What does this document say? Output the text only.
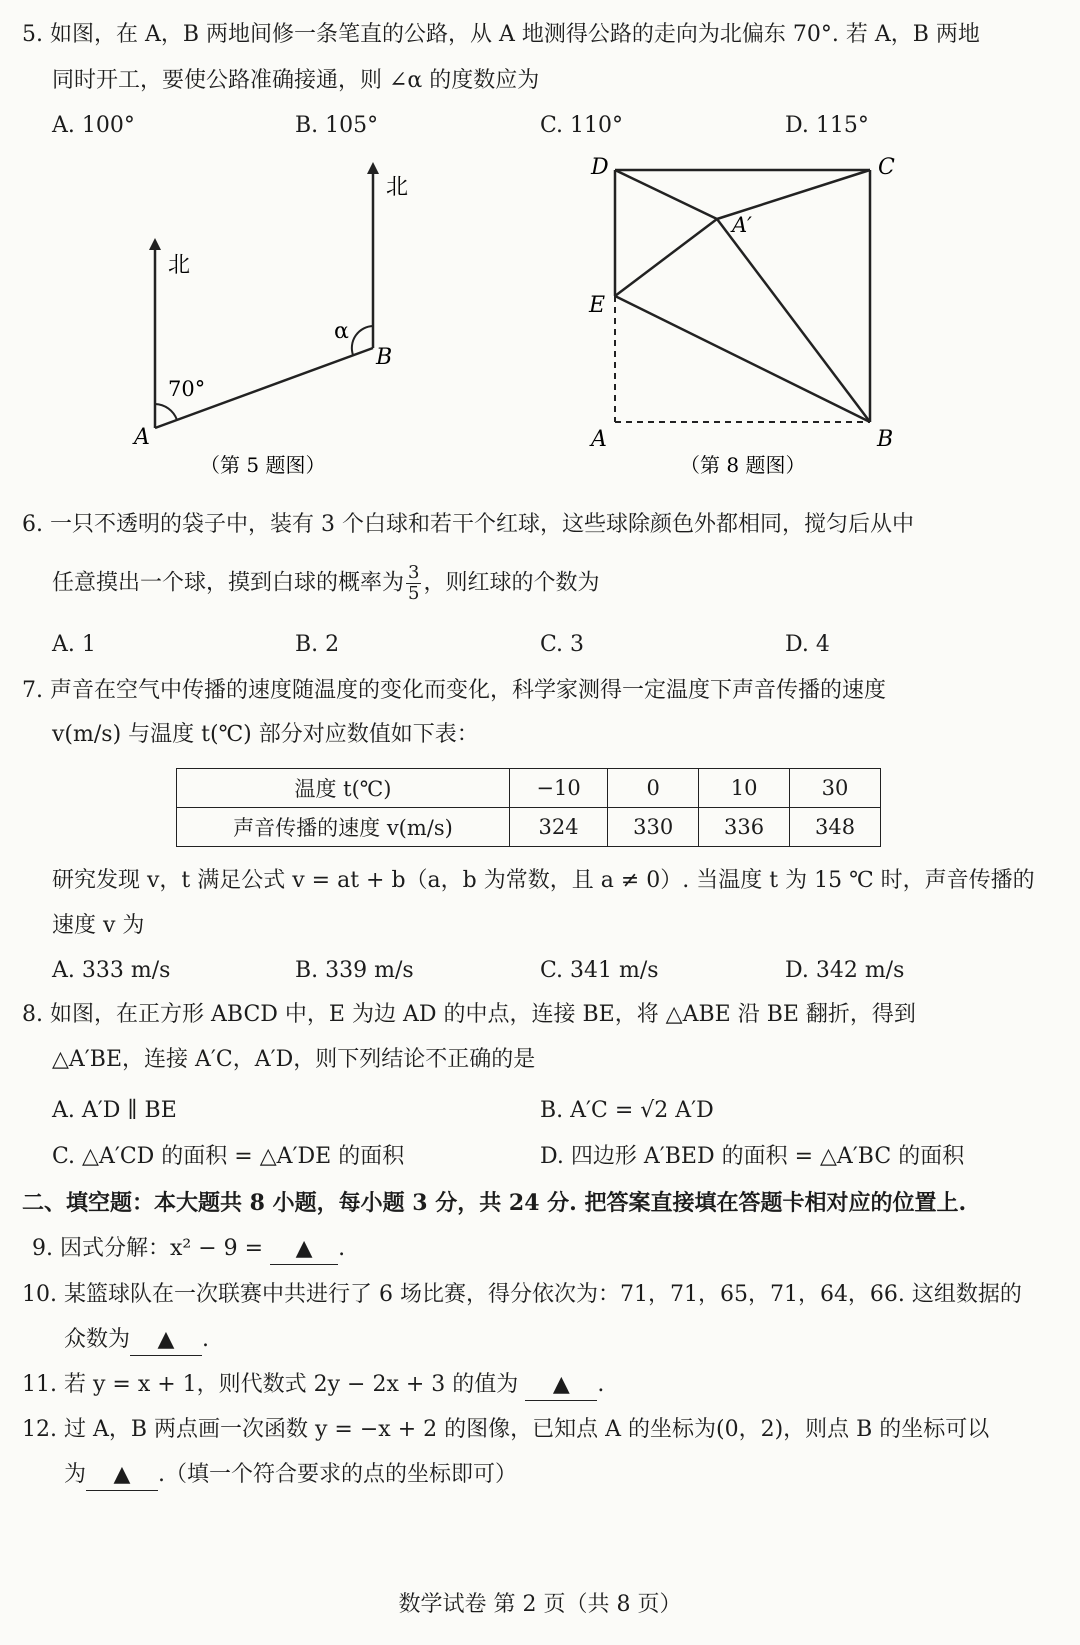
5. 如图，在 A，B 两地间修一条笔直的公路，从 A 地测得公路的走向为北偏东 70°. 若 A，B 两地
同时开工，要使公路准确接通，则 ∠α 的度数应为
A. 100°	B. 105°	C. 110°	D. 115°
北
北
70°
α
A
B
（第 5 题图）
D	C
A′
E
A	B
（第 8 题图）
6. 一只不透明的袋子中，装有 3 个白球和若干个红球，这些球除颜色外都相同，搅匀后从中
任意摸出一个球，摸到白球的概率为 $\frac{3}{5}$ ，则红球的个数为
A. 1	B. 2	C. 3	D. 4
7. 声音在空气中传播的速度随温度的变化而变化，科学家测得一定温度下声音传播的速度
v(m/s) 与温度 t(℃) 部分对应数值如下表：
温度 t(℃)	−10	0	10	30
声音传播的速度 v(m/s)	324	330	336	348
研究发现 v，t 满足公式 v = at + b（a，b 为常数，且 a ≠ 0）. 当温度 t 为 15 ℃ 时，声音传播的
速度 v 为
A. 333 m/s	B. 339 m/s	C. 341 m/s	D. 342 m/s
8. 如图，在正方形 ABCD 中，E 为边 AD 的中点，连接 BE，将 △ABE 沿 BE 翻折，得到
△A′BE，连接 A′C，A′D，则下列结论不正确的是
A. A′D ∥ BE	B. A′C = √2 A′D
C. △A′CD 的面积 = △A′DE 的面积	D. 四边形 A′BED 的面积 = △A′BC 的面积
二、填空题：本大题共 8 小题，每小题 3 分，共 24 分. 把答案直接填在答题卡相对应的位置上.
9. 因式分解：x² − 9 = ▲ .
10. 某篮球队在一次联赛中共进行了 6 场比赛，得分依次为：71，71，65，71，64，66. 这组数据的
众数为 ▲ .
11. 若 y = x + 1，则代数式 2y − 2x + 3 的值为 ▲ .
12. 过 A，B 两点画一次函数 y = −x + 2 的图像，已知点 A 的坐标为(0，2)，则点 B 的坐标可以
为 ▲ .（填一个符合要求的点的坐标即可）
数学试卷 第 2 页（共 8 页）
